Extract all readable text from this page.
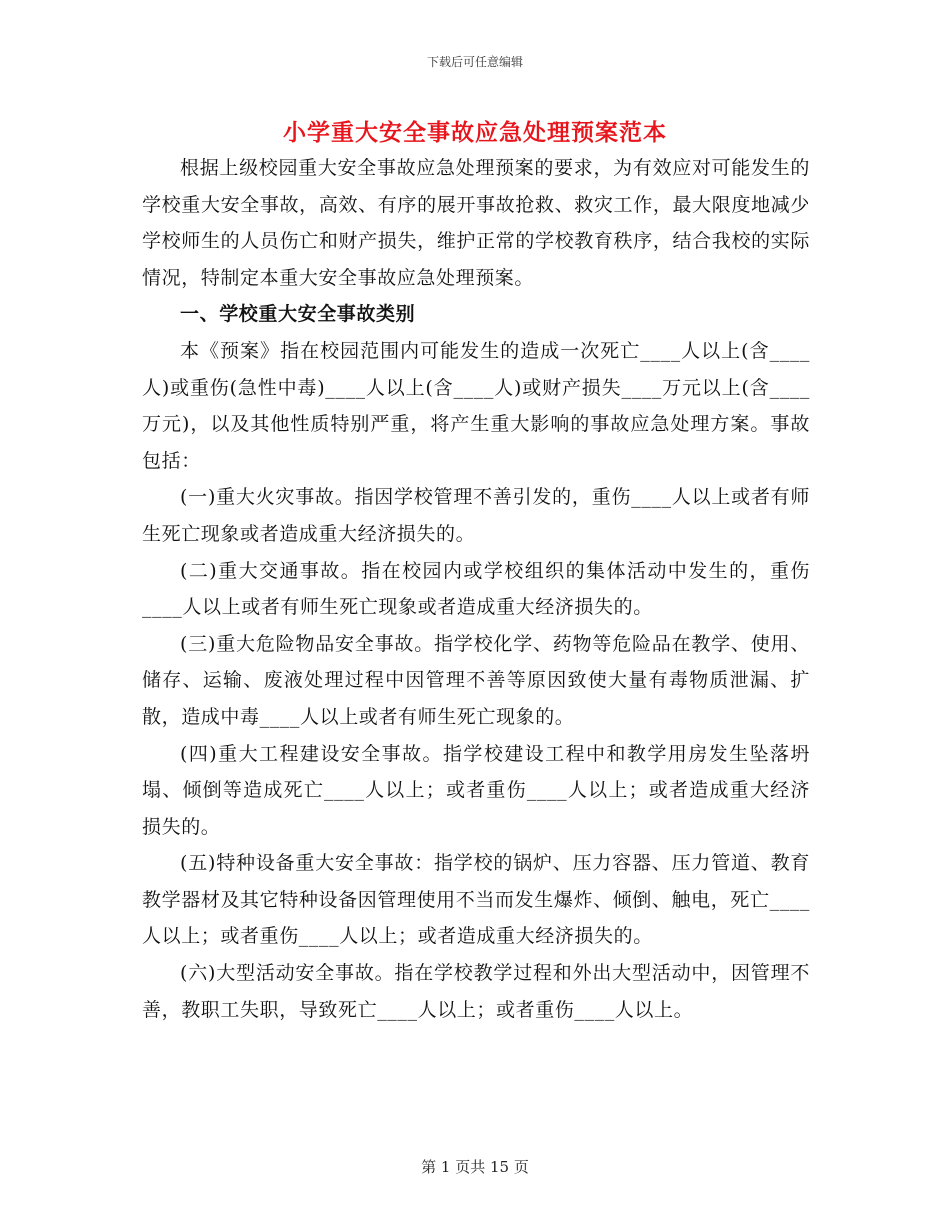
下载后可任意编辑
小学重大安全事故应急处理预案范本

根据上级校园重大安全事故应急处理预案的要求，为有效应对可能发生的学校重大安全事故，高效、有序的展开事故抢救、救灾工作，最大限度地减少学校师生的人员伤亡和财产损失，维护正常的学校教育秩序，结合我校的实际情况，特制定本重大安全事故应急处理预案。

一、学校重大安全事故类别

本《预案》指在校园范围内可能发生的造成一次死亡____人以上(含____人)或重伤(急性中毒)____人以上(含____人)或财产损失____万元以上(含____万元)，以及其他性质特别严重，将产生重大影响的事故应急处理方案。事故包括：

(一)重大火灾事故。指因学校管理不善引发的，重伤____人以上或者有师生死亡现象或者造成重大经济损失的。

(二)重大交通事故。指在校园内或学校组织的集体活动中发生的，重伤____人以上或者有师生死亡现象或者造成重大经济损失的。

(三)重大危险物品安全事故。指学校化学、药物等危险品在教学、使用、储存、运输、废液处理过程中因管理不善等原因致使大量有毒物质泄漏、扩散，造成中毒____人以上或者有师生死亡现象的。

(四)重大工程建设安全事故。指学校建设工程中和教学用房发生坠落坍塌、倾倒等造成死亡____人以上；或者重伤____人以上；或者造成重大经济损失的。

(五)特种设备重大安全事故：指学校的锅炉、压力容器、压力管道、教育教学器材及其它特种设备因管理使用不当而发生爆炸、倾倒、触电，死亡____人以上；或者重伤____人以上；或者造成重大经济损失的。

(六)大型活动安全事故。指在学校教学过程和外出大型活动中，因管理不善，教职工失职，导致死亡____人以上；或者重伤____人以上。

第 1 页共 15 页
